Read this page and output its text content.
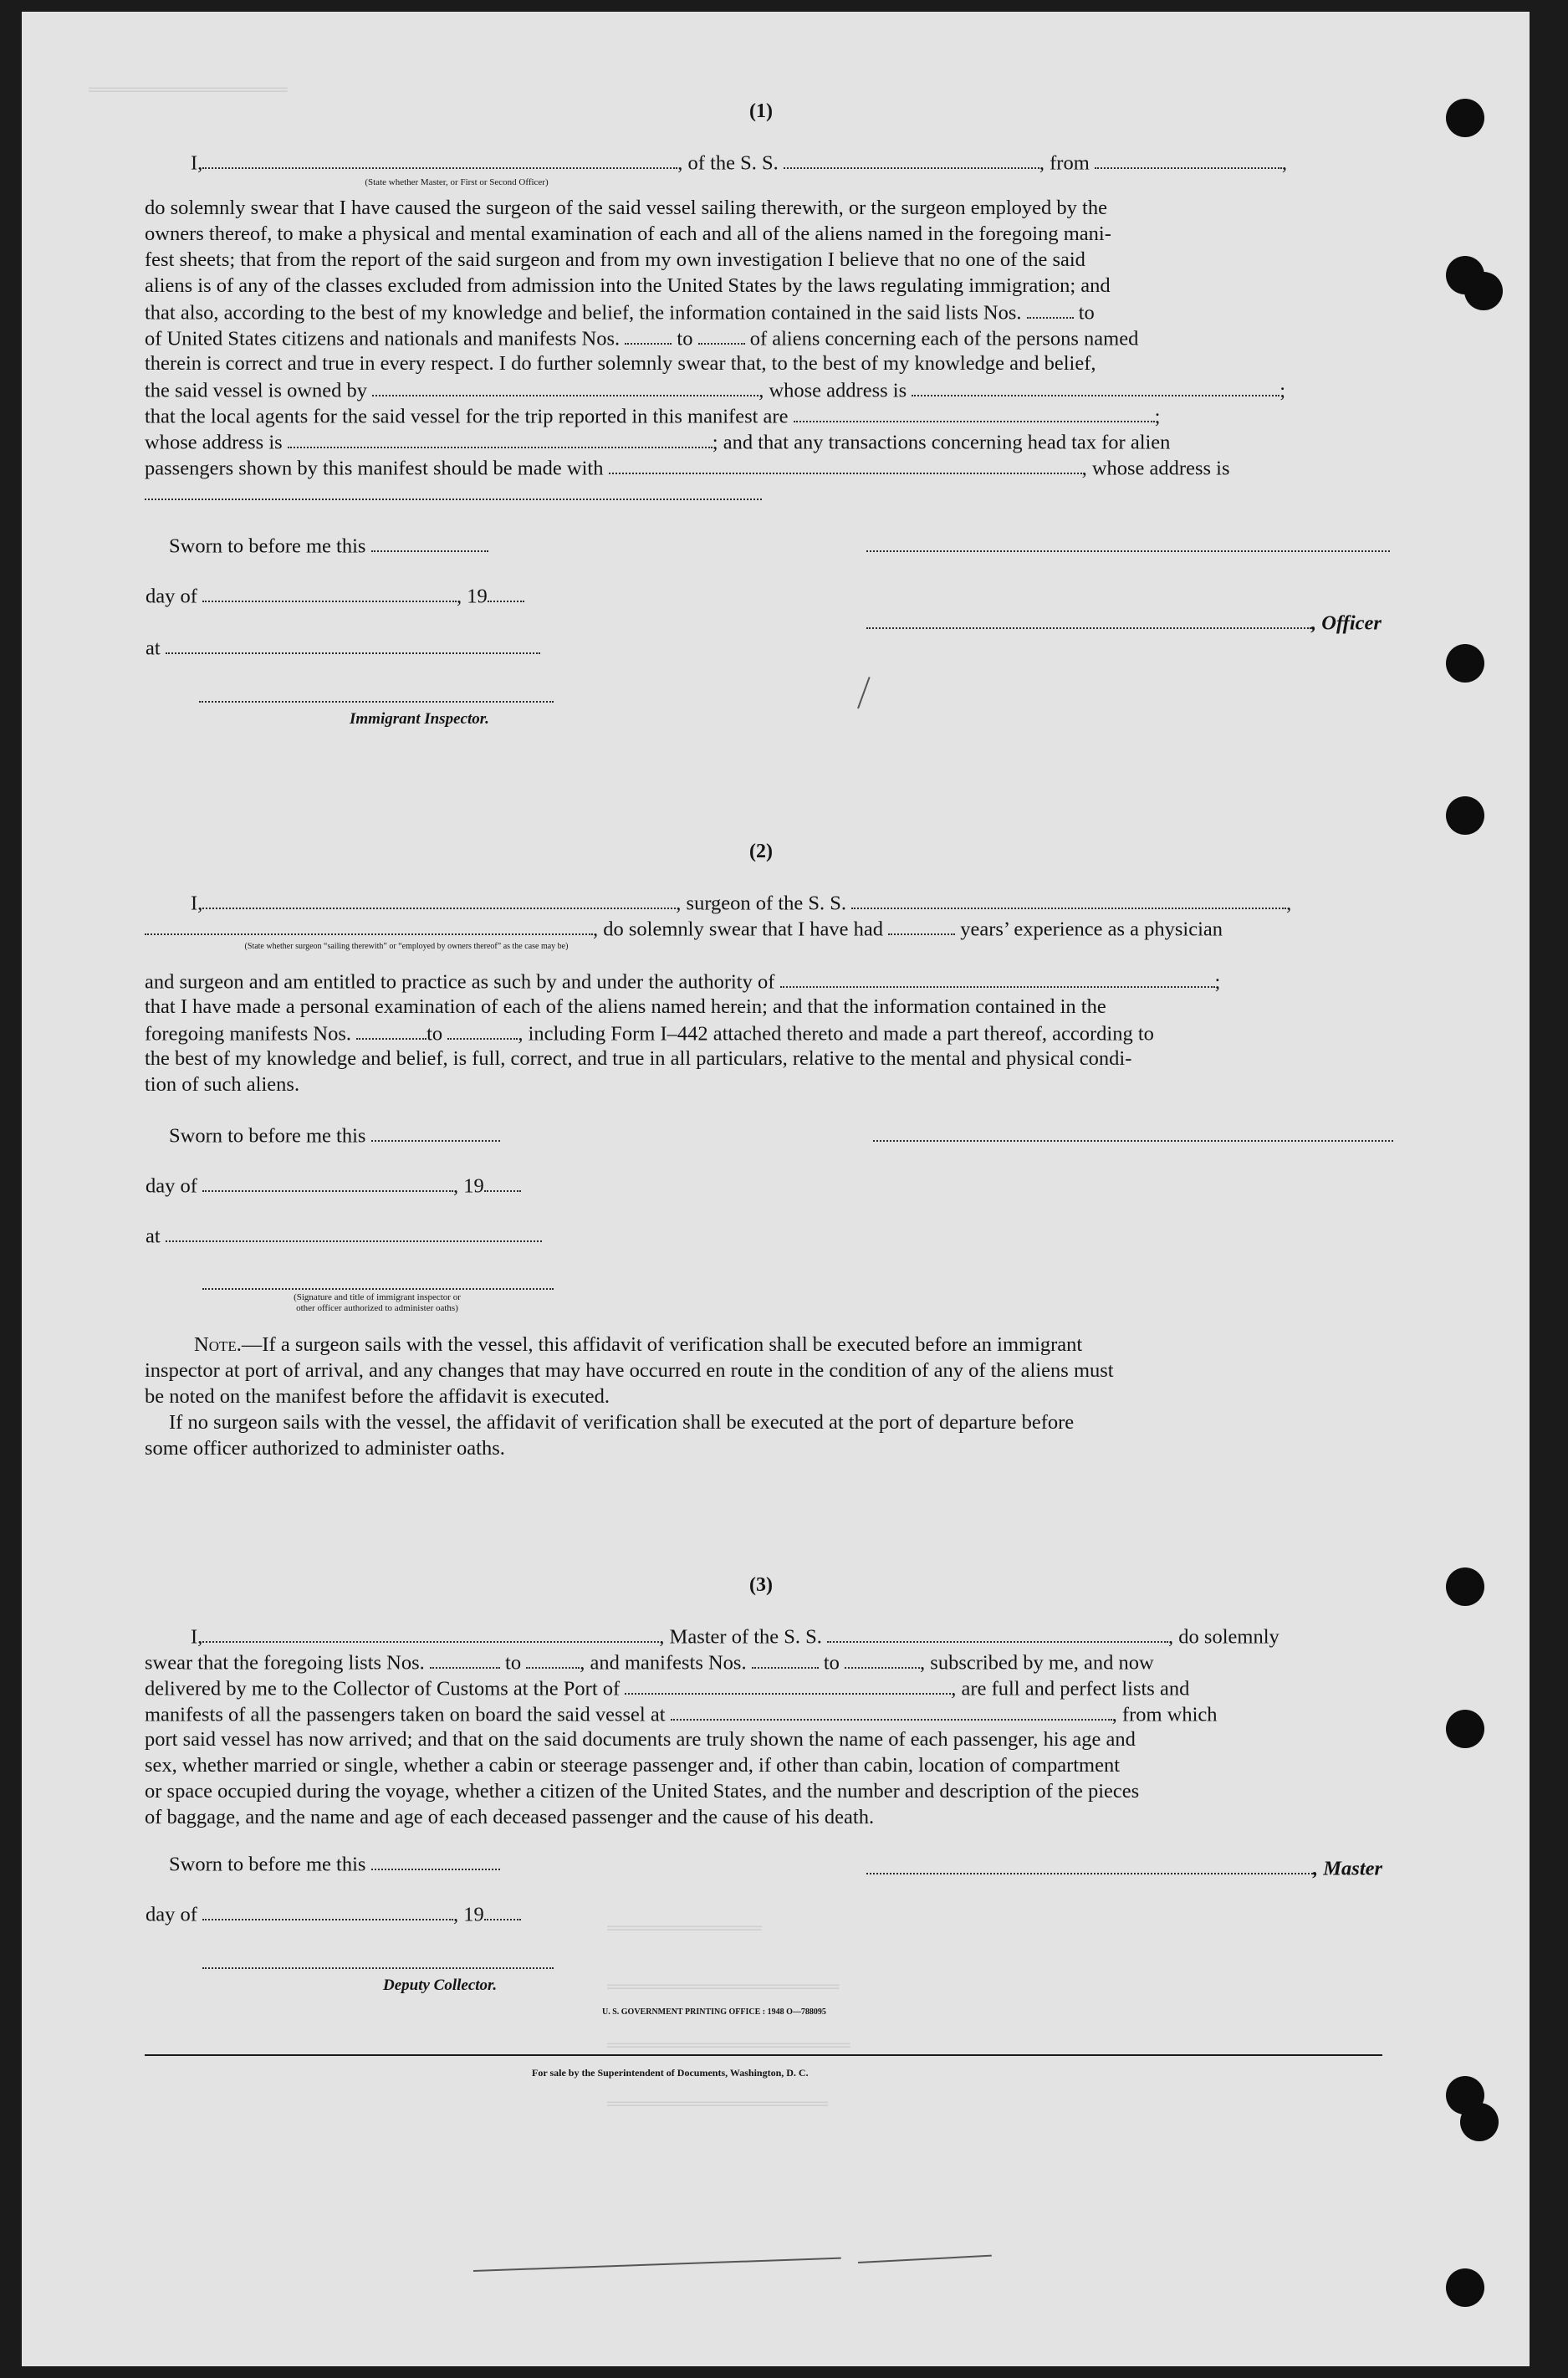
══════════════════
══════════════
═════════════════════
══════════════════════
════════════════════
(1)
I,	, of the S. S.	, from	,
(State whether Master, or First or Second Officer)
do solemnly swear that I have caused the surgeon of the said vessel sailing therewith, or the surgeon employed by the
owners thereof, to make a physical and mental examination of each and all of the aliens named in the foregoing mani-
fest sheets; that from the report of the said surgeon and from my own investigation I believe that no one of the said
aliens is of any of the classes excluded from admission into the United States by the laws regulating immigration; and
that also, according to the best of my knowledge and belief, the information contained in the said lists Nos.	to
of United States citizens and nationals and manifests Nos.	to	of aliens concerning each of the persons named
therein is correct and true in every respect. I do further solemnly swear that, to the best of my knowledge and belief,
the said vessel is owned by	, whose address is	;
that the local agents for the said vessel for the trip reported in this manifest are	;
whose address is	; and that any transactions concerning head tax for alien
passengers shown by this manifest should be made with	, whose address is
Sworn to before me this
day of	, 19
, Officer
at
Immigrant Inspector.
(2)
I,	, surgeon of the S. S.	,
, do solemnly swear that I have had	years’ experience as a physician
(State whether surgeon “sailing therewith” or “employed by owners thereof” as the case may be)
and surgeon and am entitled to practice as such by and under the authority of	;
that I have made a personal examination of each of the aliens named herein; and that the information contained in the
foregoing manifests Nos.	to	, including Form I–442 attached thereto and made a part thereof, according to
the best of my knowledge and belief, is full, correct, and true in all particulars, relative to the mental and physical condi-
tion of such aliens.
Sworn to before me this
day of	, 19
at
(Signature and title of immigrant inspector or
other officer authorized to administer oaths)
Note.—If a surgeon sails with the vessel, this affidavit of verification shall be executed before an immigrant
inspector at port of arrival, and any changes that may have occurred en route in the condition of any of the aliens must
be noted on the manifest before the affidavit is executed.
If no surgeon sails with the vessel, the affidavit of verification shall be executed at the port of departure before
some officer authorized to administer oaths.
(3)
I,	, Master of the S. S.	, do solemnly
swear that the foregoing lists Nos.	to	, and manifests Nos.	to	, subscribed by me, and now
delivered by me to the Collector of Customs at the Port of	, are full and perfect lists and
manifests of all the passengers taken on board the said vessel at	, from which
port said vessel has now arrived; and that on the said documents are truly shown the name of each passenger, his age and
sex, whether married or single, whether a cabin or steerage passenger and, if other than cabin, location of compartment
or space occupied during the voyage, whether a citizen of the United States, and the number and description of the pieces
of baggage, and the name and age of each deceased passenger and the cause of his death.
Sworn to before me this	, Master
day of	, 19
Deputy Collector.
U. S. GOVERNMENT PRINTING OFFICE : 1948 O—788095
For sale by the Superintendent of Documents, Washington, D. C.
